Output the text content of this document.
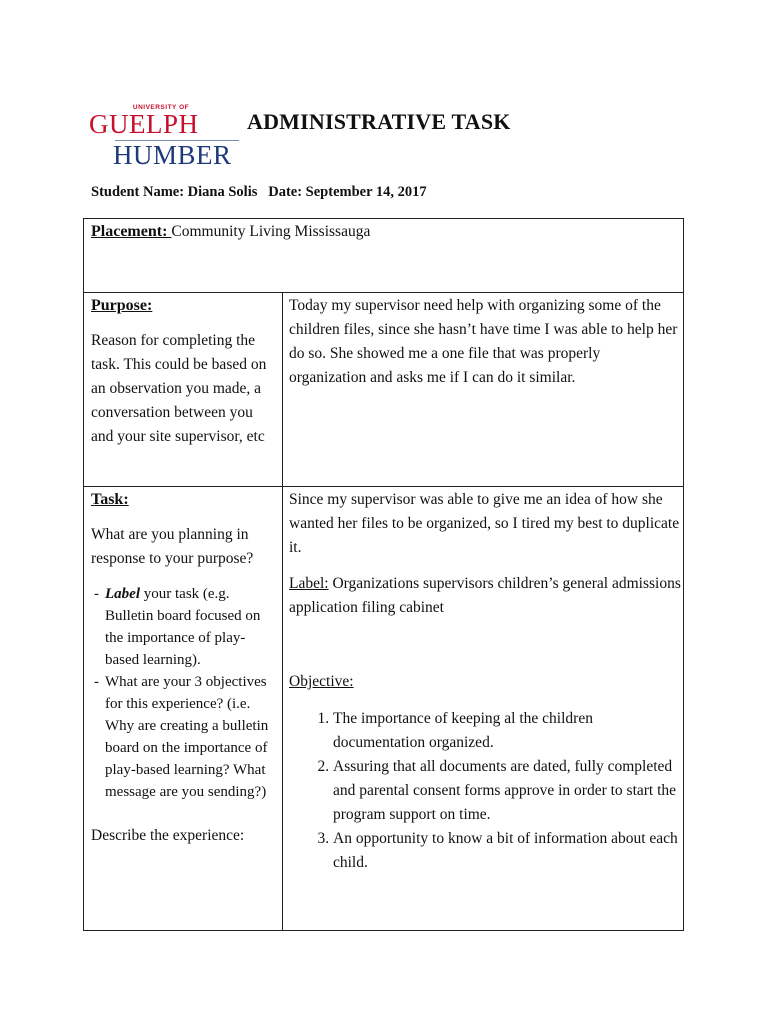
UNIVERSITY OF
GUELPH
HUMBER
ADMINISTRATIVE TASK
Student Name: Diana Solis   Date: September 14, 2017
Placement: Community Living Mississauga
Purpose:
Reason for completing the task. This could be based on an observation you made, a conversation between you and your site supervisor, etc
Today my supervisor need help with organizing some of the children files, since she hasn’t have time I was able to help her do so. She showed me a one file that was properly organization and asks me if I can do it similar.
Task:
What are you planning in response to your purpose?
- Label your task (e.g. Bulletin board focused on the importance of play-based learning).
- What are your 3 objectives for this experience? (i.e. Why are creating a bulletin board on the importance of play-based learning? What message are you sending?)
Describe the experience:
Since my supervisor was able to give me an idea of how she wanted her files to be organized, so I tired my best to duplicate it.
Label: Organizations supervisors children’s general admissions application filing cabinet
Objective:
1. The importance of keeping al the children documentation organized.
2. Assuring that all documents are dated, fully completed and parental consent forms approve in order to start the program support on time.
3. An opportunity to know a bit of information about each child.
